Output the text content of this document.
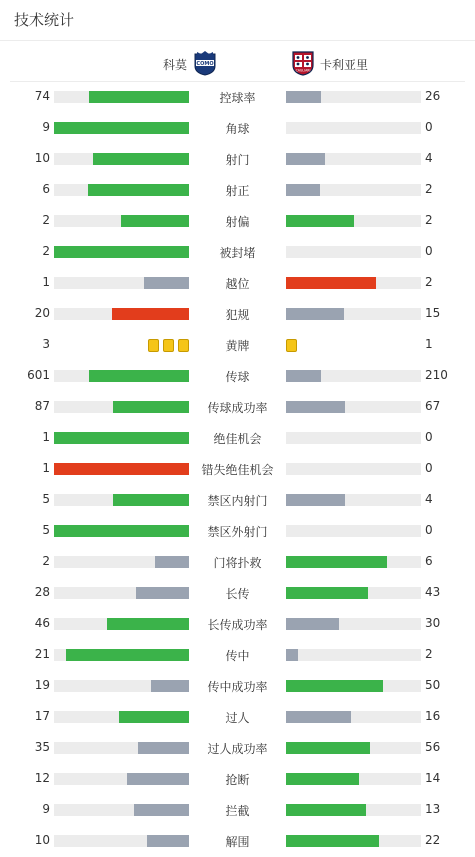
技术统计
科莫 COMO
CAGLIARI 卡利亚里
74	控球率	26
9	角球	0
10	射门	4
6	射正	2
2	射偏	2
2	被封堵	0
1	越位	2
20	犯规	15
3	黄牌	1
601	传球	210
87	传球成功率	67
1	绝佳机会	0
1	错失绝佳机会	0
5	禁区内射门	4
5	禁区外射门	0
2	门将扑救	6
28	长传	43
46	长传成功率	30
21	传中	2
19	传中成功率	50
17	过人	16
35	过人成功率	56
12	抢断	14
9	拦截	13
10	解围	22
